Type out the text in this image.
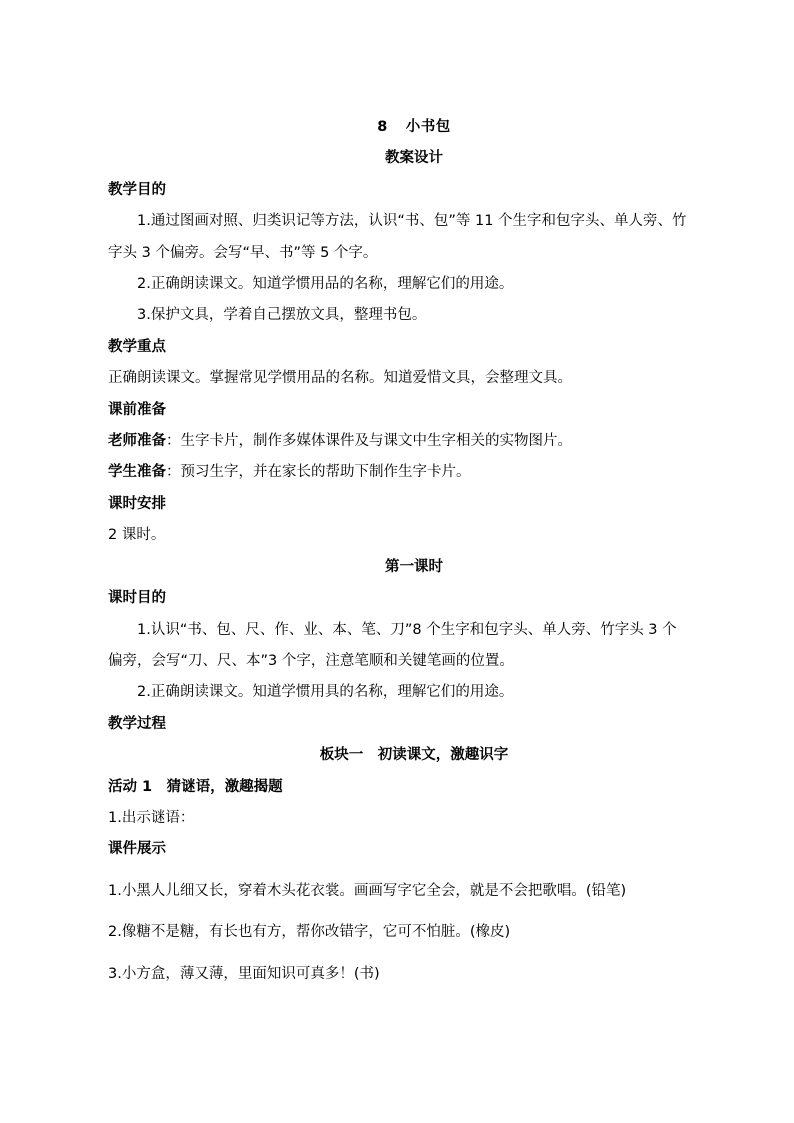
8 小书包
教案设计
教学目的
1.通过图画对照、归类识记等方法，认识“书、包”等 11 个生字和包字头、单人旁、竹
字头 3 个偏旁。会写“早、书”等 5 个字。
2.正确朗读课文。知道学惯用品的名称，理解它们的用途。
3.保护文具，学着自己摆放文具，整理书包。
教学重点
正确朗读课文。掌握常见学惯用品的名称。知道爱惜文具，会整理文具。
课前准备
老师准备：生字卡片，制作多媒体课件及与课文中生字相关的实物图片。
学生准备：预习生字，并在家长的帮助下制作生字卡片。
课时安排
2 课时。
第一课时
课时目的
1.认识“书、包、尺、作、业、本、笔、刀”8 个生字和包字头、单人旁、竹字头 3 个
偏旁，会写“刀、尺、本”3 个字，注意笔顺和关键笔画的位置。
2.正确朗读课文。知道学惯用具的名称，理解它们的用途。
教学过程
板块一　初读课文，激趣识字
活动 1　猜谜语，激趣揭题
1.出示谜语：
课件展示
1.小黑人儿细又长，穿着木头花衣裳。画画写字它全会，就是不会把歌唱。(铅笔)
2.像糖不是糖，有长也有方，帮你改错字，它可不怕脏。(橡皮)
3.小方盒，薄又薄，里面知识可真多！(书)
